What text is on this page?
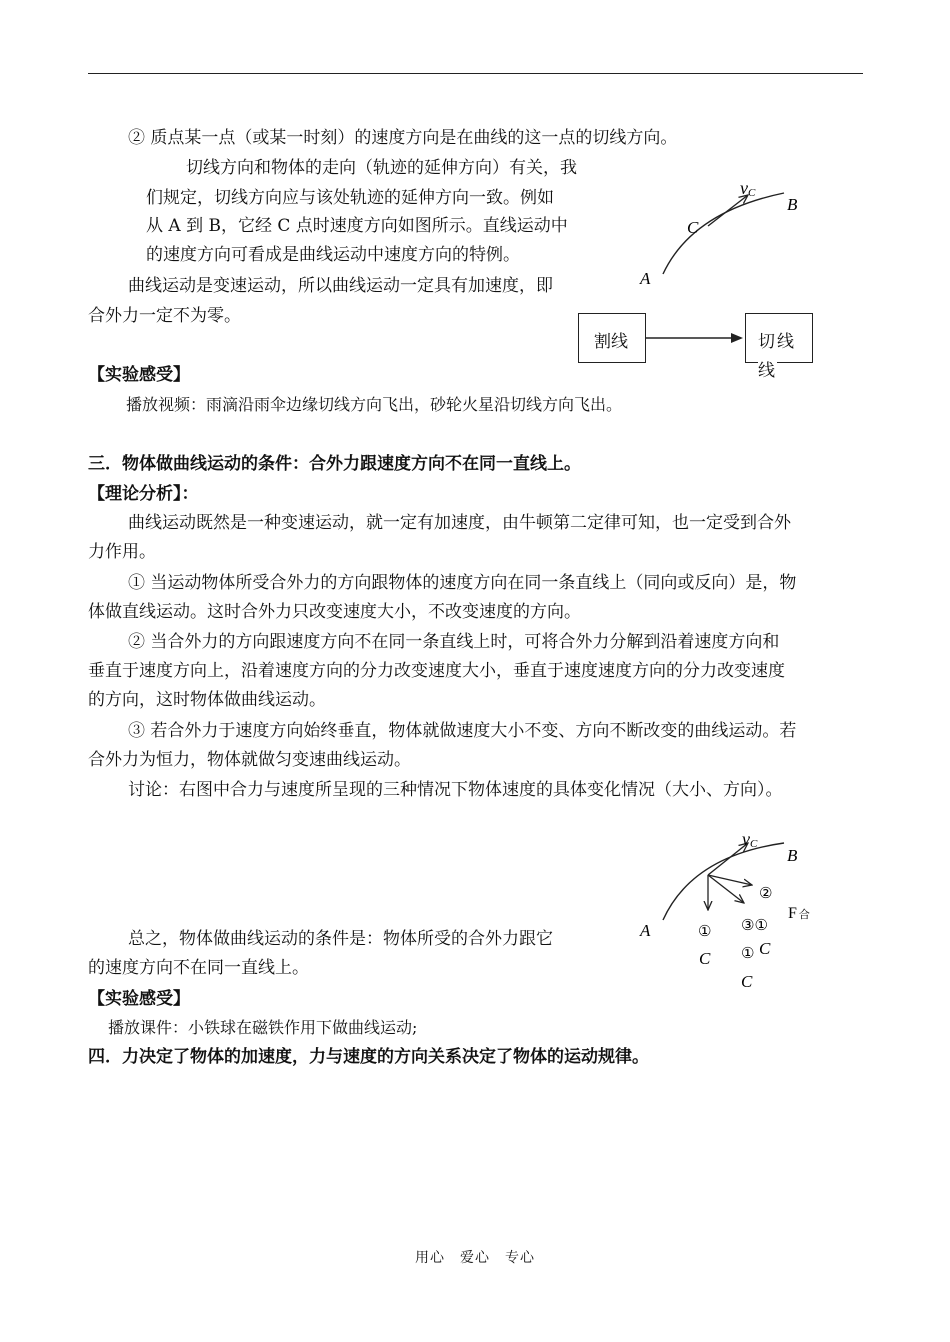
② 质点某一点（或某一时刻）的速度方向是在曲线的这一点的切线方向。
切线方向和物体的走向（轨迹的延伸方向）有关，我
们规定，切线方向应与该处轨迹的延伸方向一致。例如
从 A 到 B，它经 C 点时速度方向如图所示。直线运动中
的速度方向可看成是曲线运动中速度方向的特例。
曲线运动是变速运动，所以曲线运动一定具有加速度，即
合外力一定不为零。
【实验感受】
播放视频：雨滴沿雨伞边缘切线方向飞出，砂轮火星沿切线方向飞出。
vC
B
C
A
割线	切线
线
三．物体做曲线运动的条件：合外力跟速度方向不在同一直线上。
【理论分析】：
曲线运动既然是一种变速运动，就一定有加速度，由牛顿第二定律可知，也一定受到合外
力作用。
① 当运动物体所受合外力的方向跟物体的速度方向在同一条直线上（同向或反向）是，物
体做直线运动。这时合外力只改变速度大小，不改变速度的方向。
② 当合外力的方向跟速度方向不在同一条直线上时，可将合外力分解到沿着速度方向和
垂直于速度方向上，沿着速度方向的分力改变速度大小，垂直于速度速度方向的分力改变速度
的方向，这时物体做曲线运动。
③ 若合外力于速度方向始终垂直，物体就做速度大小不变、方向不断改变的曲线运动。若
合外力为恒力，物体就做匀变速曲线运动。
讨论：右图中合力与速度所呈现的三种情况下物体速度的具体变化情况（大小、方向）。
vC
B
A
②
F 合
③①
①
C
①
C
C
总之，物体做曲线运动的条件是：物体所受的合外力跟它
的速度方向不在同一直线上。
【实验感受】
播放课件：小铁球在磁铁作用下做曲线运动;
四．力决定了物体的加速度，力与速度的方向关系决定了物体的运动规律。
用心　爱心　专心
